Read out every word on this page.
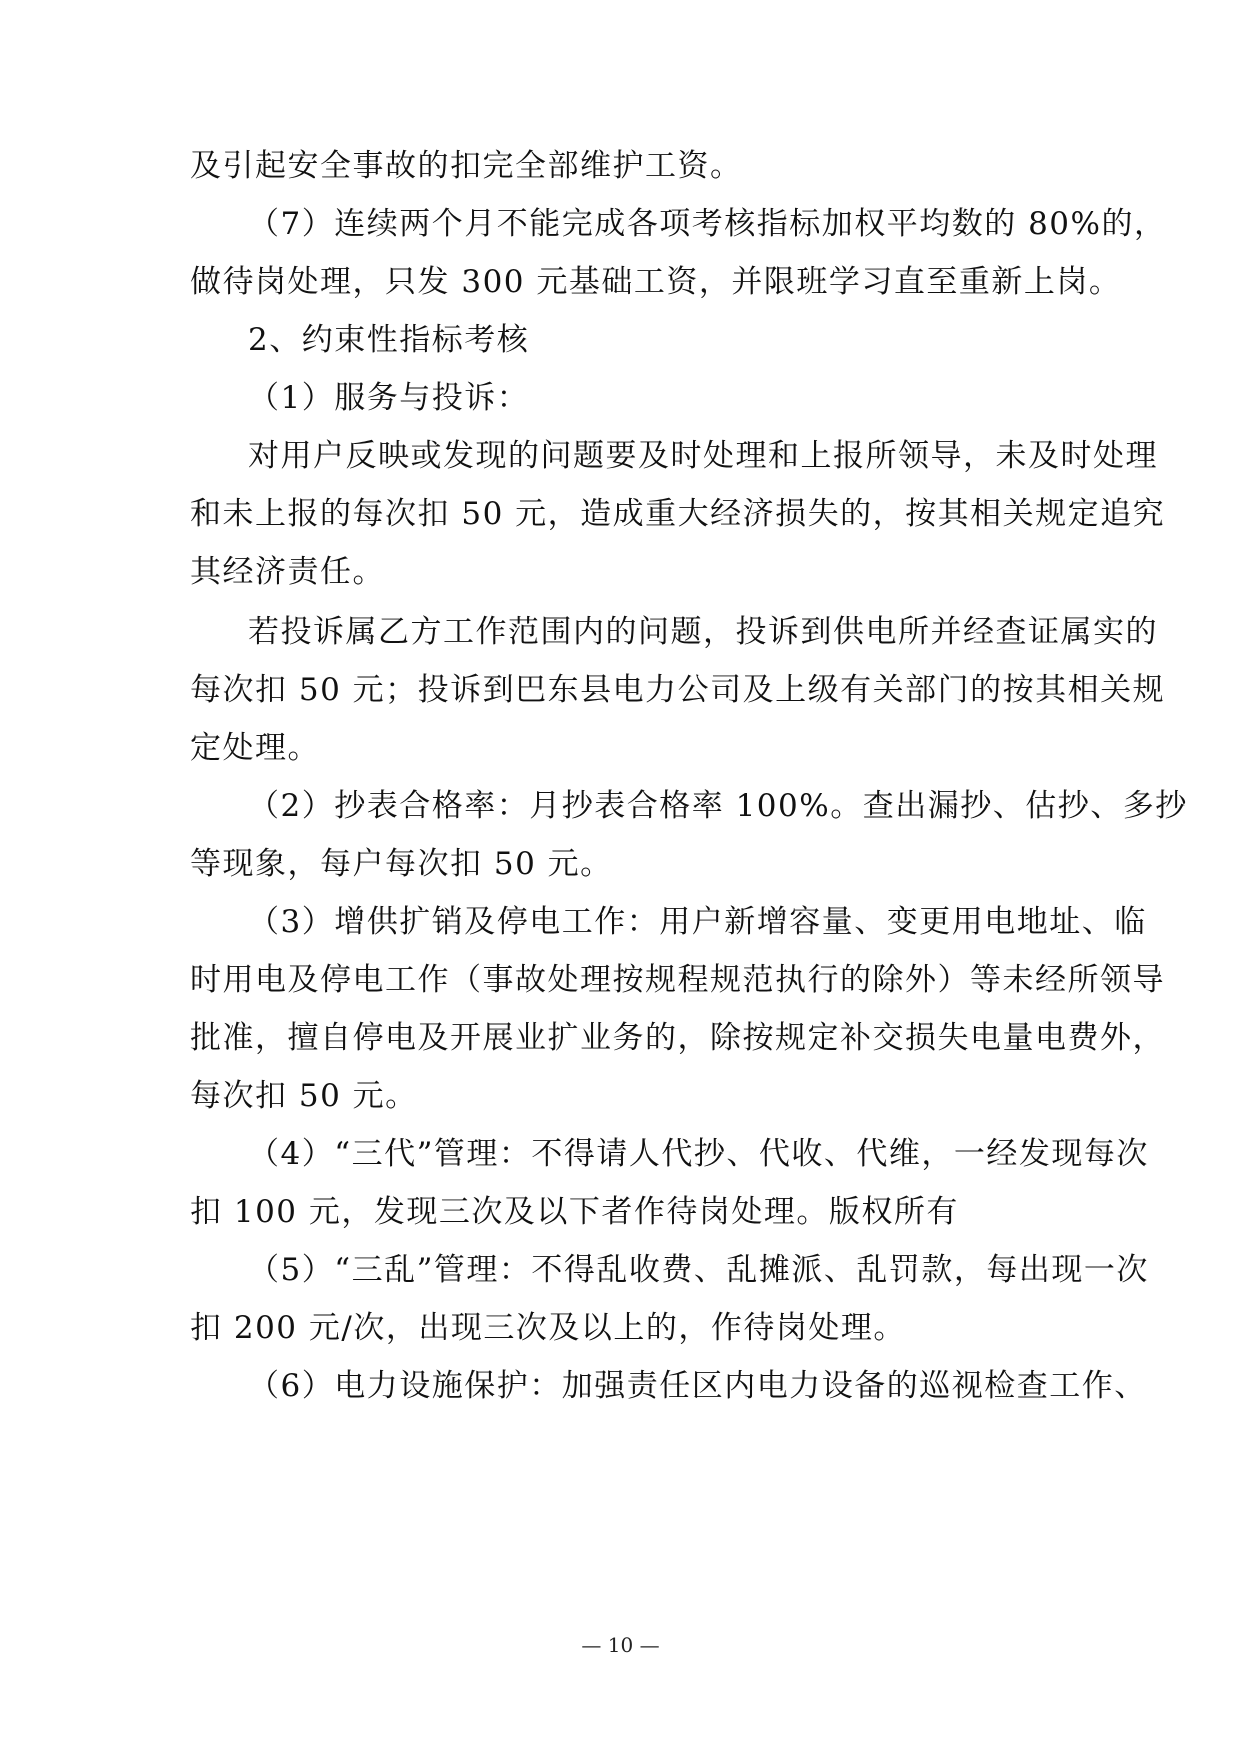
及引起安全事故的扣完全部维护工资。
（7）连续两个月不能完成各项考核指标加权平均数的 80%的，
做待岗处理，只发 300 元基础工资，并限班学习直至重新上岗。
2、约束性指标考核
（1）服务与投诉：
对用户反映或发现的问题要及时处理和上报所领导，未及时处理
和未上报的每次扣 50 元，造成重大经济损失的，按其相关规定追究
其经济责任。
若投诉属乙方工作范围内的问题，投诉到供电所并经查证属实的
每次扣 50 元；投诉到巴东县电力公司及上级有关部门的按其相关规
定处理。
（2）抄表合格率：月抄表合格率 100%。查出漏抄、估抄、多抄
等现象，每户每次扣 50 元。
（3）增供扩销及停电工作：用户新增容量、变更用电地址、临
时用电及停电工作（事故处理按规程规范执行的除外）等未经所领导
批准，擅自停电及开展业扩业务的，除按规定补交损失电量电费外，
每次扣 50 元。
（4）“三代”管理：不得请人代抄、代收、代维，一经发现每次
扣 100 元，发现三次及以下者作待岗处理。版权所有
（5）“三乱”管理：不得乱收费、乱摊派、乱罚款，每出现一次
扣 200 元/次，出现三次及以上的，作待岗处理。
（6）电力设施保护：加强责任区内电力设备的巡视检查工作、
— 10 —
